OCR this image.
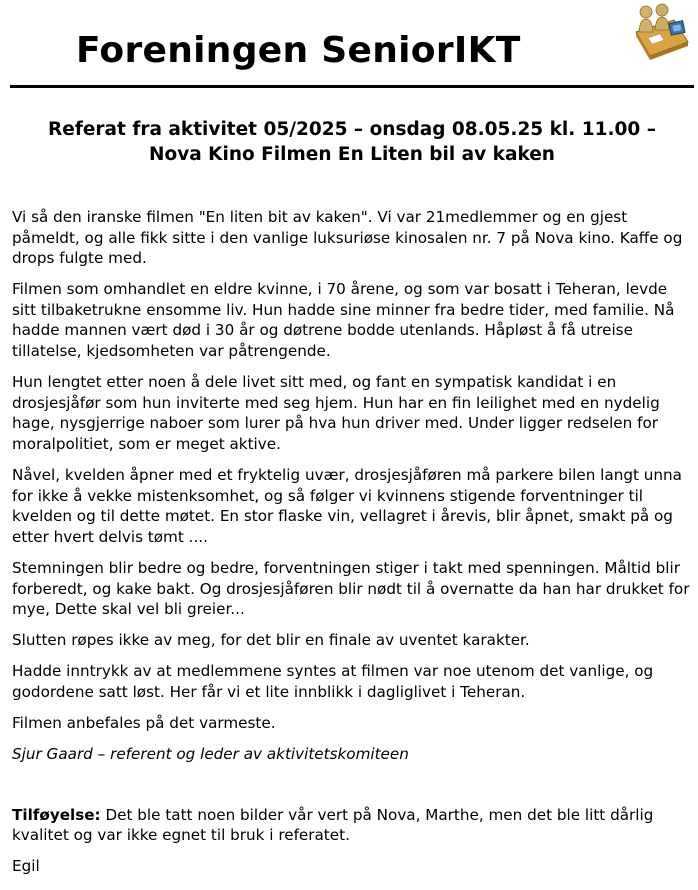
Foreningen SeniorIKT
Referat fra aktivitet 05/2025 – onsdag 08.05.25 kl. 11.00 –
Nova Kino Filmen En Liten bil av kaken

Vi så den iranske filmen "En liten bit av kaken". Vi var 21medlemmer og en gjest påmeldt, og alle fikk sitte i den vanlige luksuriøse kinosalen nr. 7 på Nova kino. Kaffe og drops fulgte med.

Filmen som omhandlet en eldre kvinne, i 70 årene, og som var bosatt i Teheran, levde sitt tilbaketrukne ensomme liv. Hun hadde sine minner fra bedre tider, med familie. Nå hadde mannen vært død i 30 år og døtrene bodde utenlands. Håpløst å få utreise tillatelse, kjedsomheten var påtrengende.

Hun lengtet etter noen å dele livet sitt med, og fant en sympatisk kandidat i en drosjesjåfør som hun inviterte med seg hjem. Hun har en fin leilighet med en nydelig hage, nysgjerrige naboer som lurer på hva hun driver med. Under ligger redselen for moralpolitiet, som er meget aktive.

Nåvel, kvelden åpner med et fryktelig uvær, drosjesjåføren må parkere bilen langt unna for ikke å vekke mistenksomhet, og så følger vi kvinnens stigende forventninger til kvelden og til dette møtet. En stor flaske vin, vellagret i årevis, blir åpnet, smakt på og etter hvert delvis tømt ....

Stemningen blir bedre og bedre, forventningen stiger i takt med spenningen. Måltid blir forberedt, og kake bakt. Og drosjesjåføren blir nødt til å overnatte da han har drukket for mye, Dette skal vel bli greier...

Slutten røpes ikke av meg, for det blir en finale av uventet karakter.

Hadde inntrykk av at medlemmene syntes at filmen var noe utenom det vanlige, og godordene satt løst. Her får vi et lite innblikk i dagliglivet i Teheran.

Filmen anbefales på det varmeste.

Sjur Gaard – referent og leder av aktivitetskomiteen

Tilføyelse: Det ble tatt noen bilder vår vert på Nova, Marthe, men det ble litt dårlig kvalitet og var ikke egnet til bruk i referatet.

Egil
